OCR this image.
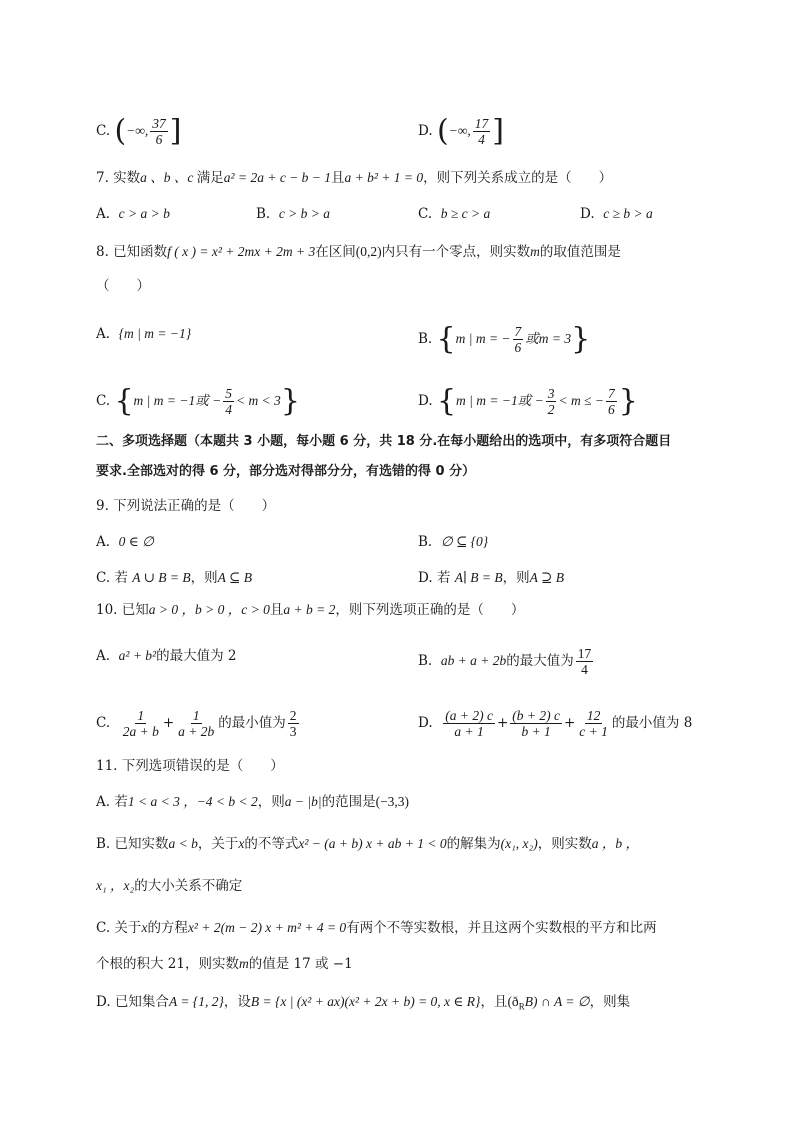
C. (−∞, $\frac{37}{6}$ ]	D. (−∞, $\frac{17}{4}$ ]
7. 实数a 、b 、c 满足a² = 2a + c − b − 1且a + b² + 1 = 0，则下列关系成立的是（　　）
A. c > a > b	B. c > b > a	C. b ≥ c > a	D. c ≥ b > a
8. 已知函数f ( x ) = x² + 2mx + 2m + 3在区间(0,2)内只有一个零点，则实数m的取值范围是
（　　）
A. {m | m = −1}	B. {m | m = − $\frac{7}{6}$ 或m = 3}
C. {m | m = −1或 − $\frac{5}{4} < m < 3$}	D. {m | m = −1或 − $\frac{3}{2} < m$ ≤ − $\frac{7}{6}$ }
二、多项选择题（本题共 3 小题，每小题 6 分，共 18 分.在每小题给出的选项中，有多项符合题目
要求.全部选对的得 6 分，部分选对得部分分，有选错的得 0 分）
9. 下列说法正确的是（　　）
A. 0 ∈ ∅	B. ∅ ⊆ {0}
C. 若 A ∪ B = B，则A ⊆ B	D. 若 A∣ B = B，则A ⊇ B
10. 已知a > 0 ，b > 0 ，c > 0且a + b = 2，则下列选项正确的是（　　）
A. a² + b²的最大值为 2	B. ab + a + 2b的最大值为 $\frac{17}{4}$
C. $\frac{1}{2a + b} + \frac{1}{a + 2b}$ 的最小值为 $\frac{2}{3}$	D. $\frac{(a + 2) c}{a + 1} + \frac{(b + 2) c}{b + 1} + \frac{12}{c + 1}$ 的最小值为 8
11. 下列选项错误的是（　　）
A. 若1 < a < 3 ，−4 < b < 2，则a − |b|的范围是(−3,3)
B. 已知实数a < b，关于x的不等式x² − (a + b) x + ab + 1 < 0的解集为(x₁, x₂)，则实数a ，b ，
x₁ ，x₂的大小关系不确定
C. 关于x的方程x² + 2(m − 2) x + m² + 4 = 0有两个不等实数根，并且这两个实数根的平方和比两
个根的积大 21，则实数m的值是 17 或 −1
D. 已知集合A = {1, 2}，设B = {x | (x² + ax)(x² + 2x + b) = 0, x ∈ R}，且$(ð_RB)$ ∩ A = ∅，则集
